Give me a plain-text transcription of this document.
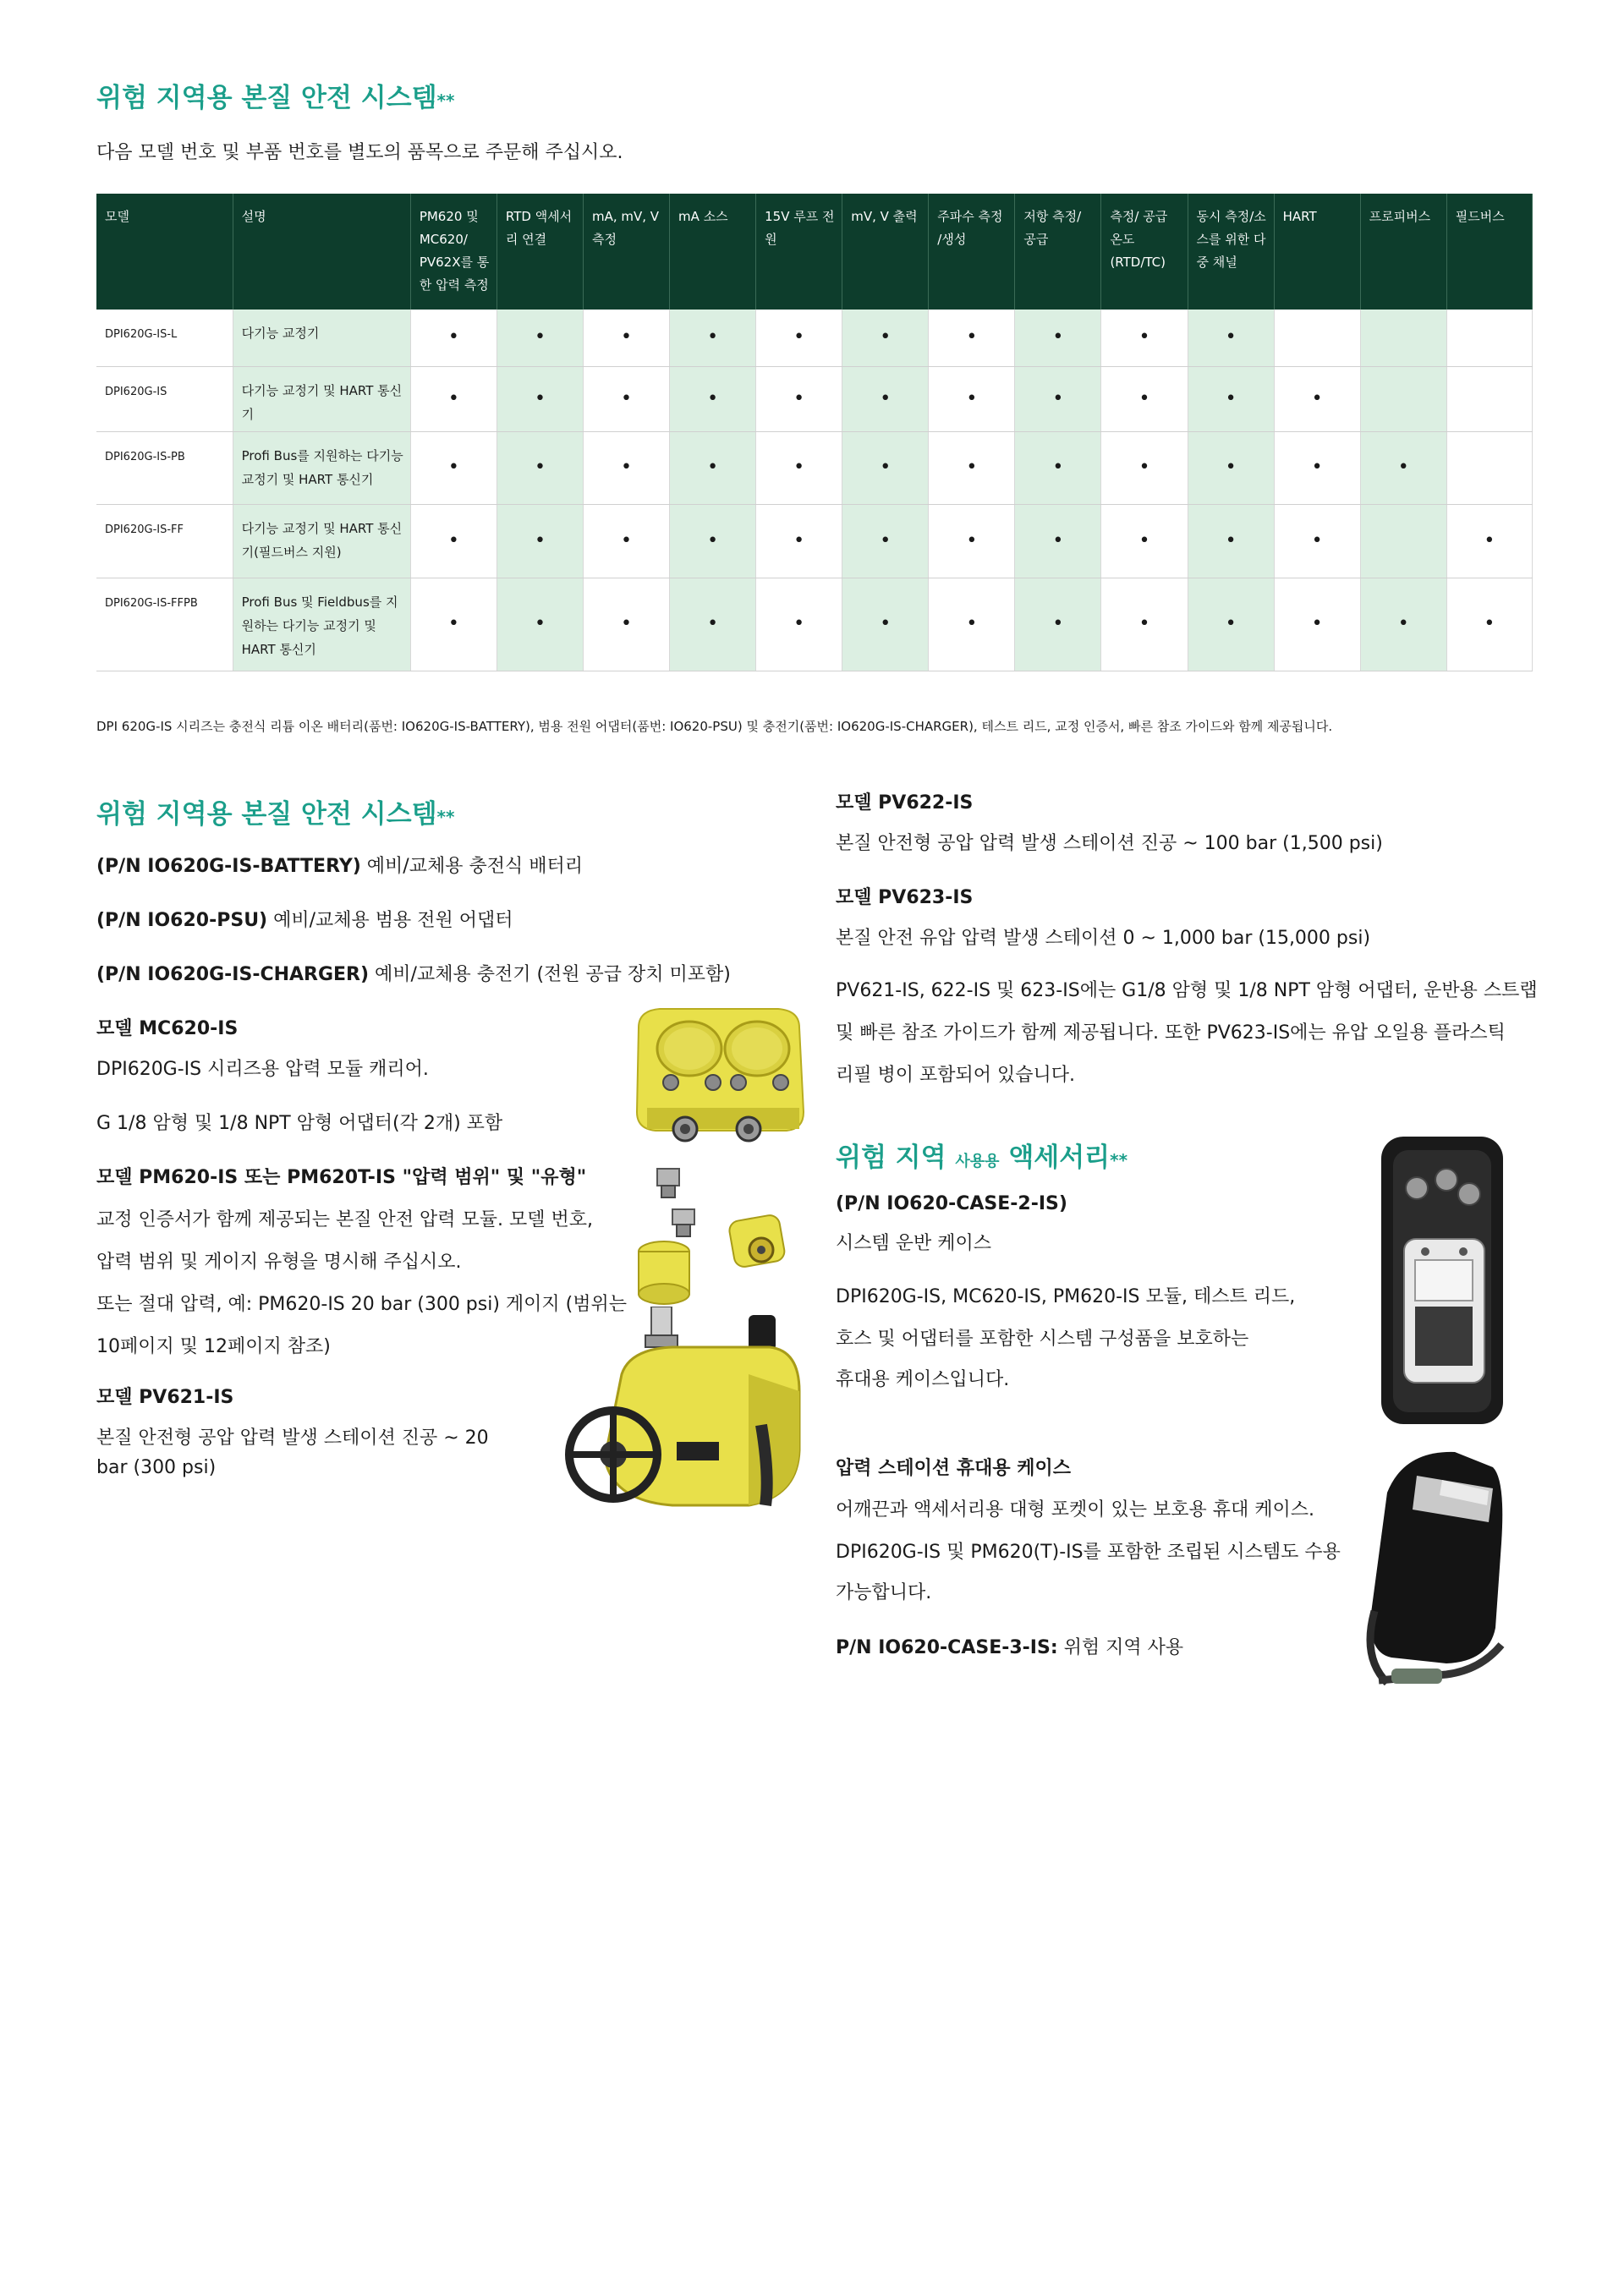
위험 지역용 본질 안전 시스템**
다음 모델 번호 및 부품 번호를 별도의 품목으로 주문해 주십시오.
모델	설명	PM620 및 MC620/ PV62X를 통한 압력 측정	RTD 액세서리 연결	mA, mV, V 측정	mA 소스	15V 루프 전원	mV, V 출력	주파수 측정 /생성	저항 측정/ 공급	측정/ 공급 온도(RTD/TC)	동시 측정/소스를 위한 다중 채널	HART	프로피버스	필드버스
DPI620G-IS-L	다기능 교정기	•	•	•	•	•	•	•	•	•	•			
DPI620G-IS	다기능 교정기 및 HART 통신기	•	•	•	•	•	•	•	•	•	•	•		
DPI620G-IS-PB	Profi Bus를 지원하는 다기능 교정기 및 HART 통신기	•	•	•	•	•	•	•	•	•	•	•	•	
DPI620G-IS-FF	다기능 교정기 및 HART 통신기(필드버스 지원)	•	•	•	•	•	•	•	•	•	•	•		•
DPI620G-IS-FFPB	Profi Bus 및 Fieldbus를 지원하는 다기능 교정기 및 HART 통신기	•	•	•	•	•	•	•	•	•	•	•	•	•
DPI 620G-IS 시리즈는 충전식 리튬 이온 배터리(품번: IO620G-IS-BATTERY), 범용 전원 어댑터(품번: IO620-PSU) 및 충전기(품번: IO620G-IS-CHARGER), 테스트 리드, 교정 인증서, 빠른 참조 가이드와 함께 제공됩니다.
위험 지역용 본질 안전 시스템**
(P/N IO620G-IS-BATTERY) 예비/교체용 충전식 배터리
(P/N IO620-PSU) 예비/교체용 범용 전원 어댑터
(P/N IO620G-IS-CHARGER) 예비/교체용 충전기 (전원 공급 장치 미포함)
모델 MC620-IS
DPI620G-IS 시리즈용 압력 모듈 캐리어.
G 1/8 암형 및 1/8 NPT 암형 어댑터(각 2개) 포함
모델 PM620-IS 또는 PM620T-IS "압력 범위" 및 "유형"
교정 인증서가 함께 제공되는 본질 안전 압력 모듈. 모델 번호,
압력 범위 및 게이지 유형을 명시해 주십시오.
또는 절대 압력, 예: PM620-IS 20 bar (300 psi) 게이지 (범위는
10페이지 및 12페이지 참조)
모델 PV621-IS
본질 안전형 공압 압력 발생 스테이션 진공 ~ 20
bar (300 psi)
모델 PV622-IS
본질 안전형 공압 압력 발생 스테이션 진공 ~ 100 bar (1,500 psi)
모델 PV623-IS
본질 안전 유압 압력 발생 스테이션 0 ~ 1,000 bar (15,000 psi)
PV621-IS, 622-IS 및 623-IS에는 G1/8 암형 및 1/8 NPT 암형 어댑터, 운반용 스트랩
및 빠른 참조 가이드가 함께 제공됩니다. 또한 PV623-IS에는 유압 오일용 플라스틱
리필 병이 포함되어 있습니다.
위험 지역 사용용 액세서리**
(P/N IO620-CASE-2-IS)
시스템 운반 케이스
DPI620G-IS, MC620-IS, PM620-IS 모듈, 테스트 리드,
호스 및 어댑터를 포함한 시스템 구성품을 보호하는
휴대용 케이스입니다.
압력 스테이션 휴대용 케이스
어깨끈과 액세서리용 대형 포켓이 있는 보호용 휴대 케이스.
DPI620G-IS 및 PM620(T)-IS를 포함한 조립된 시스템도 수용
가능합니다.
P/N IO620-CASE-3-IS: 위험 지역 사용
